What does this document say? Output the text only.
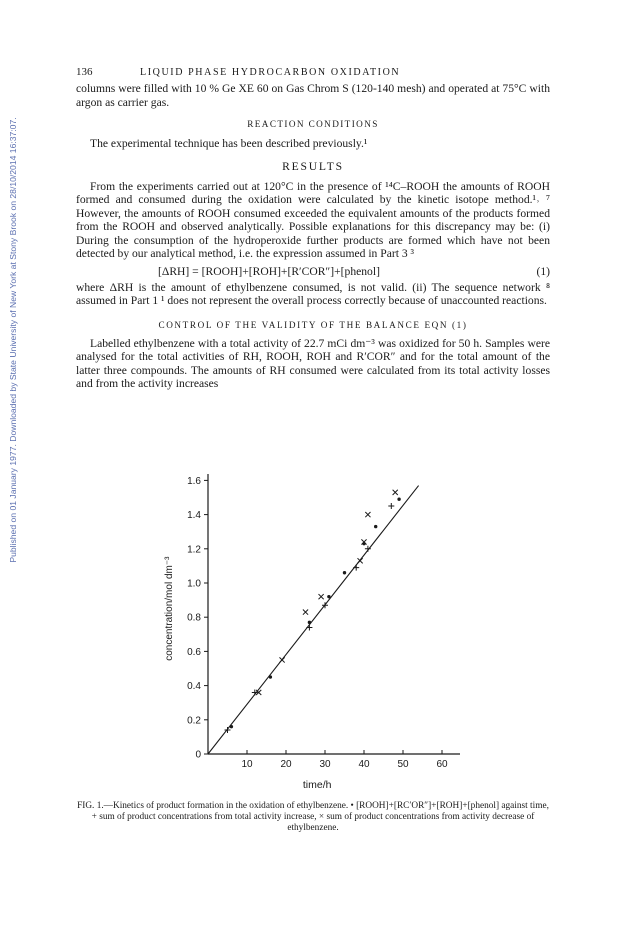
Published on 01 January 1977. Downloaded by State University of New York at Stony Brook on 28/10/2014 16:37:07.
136	LIQUID PHASE HYDROCARBON OXIDATION

columns were filled with 10 % Ge XE 60 on Gas Chrom S (120-140 mesh) and operated at 75°C with argon as carrier gas.

REACTION CONDITIONS

The experimental technique has been described previously.¹

RESULTS

From the experiments carried out at 120°C in the presence of ¹⁴C–ROOH the amounts of ROOH formed and consumed during the oxidation were calculated by the kinetic isotope method.¹˒ ⁷ However, the amounts of ROOH consumed exceeded the equivalent amounts of the products formed from the ROOH and observed analytically. Possible explanations for this discrepancy may be: (i) During the consumption of the hydroperoxide further products are formed which have not been detected by our analytical method, i.e. the expression assumed in Part 3 ³

[ΔRH] = [ROOH]+[ROH]+[R′COR″]+[phenol]	(1)

where ΔRH is the amount of ethylbenzene consumed, is not valid. (ii) The sequence network ⁸ assumed in Part 1 ¹ does not represent the overall process correctly because of unaccounted reactions.

CONTROL OF THE VALIDITY OF THE BALANCE EQN (1)

Labelled ethylbenzene with a total activity of 22.7 mCi dm⁻³ was oxidized for 50 h. Samples were analysed for the total activities of RH, ROOH, ROH and R′COR″ and for the total amount of the latter three compounds. The amounts of RH consumed were calculated from its total activity losses and from the activity increases

10	20	30	40	50	60
0
0.2
0.4
0.6
0.8
1.0
1.2
1.4
1.6
time/h
concentration/mol dm⁻³
FIG. 1.—Kinetics of product formation in the oxidation of ethylbenzene. • [ROOH]+[RC′OR″]+[ROH]+[phenol] against time, + sum of product concentrations from total activity increase, × sum of product concentrations from activity decrease of ethylbenzene.
